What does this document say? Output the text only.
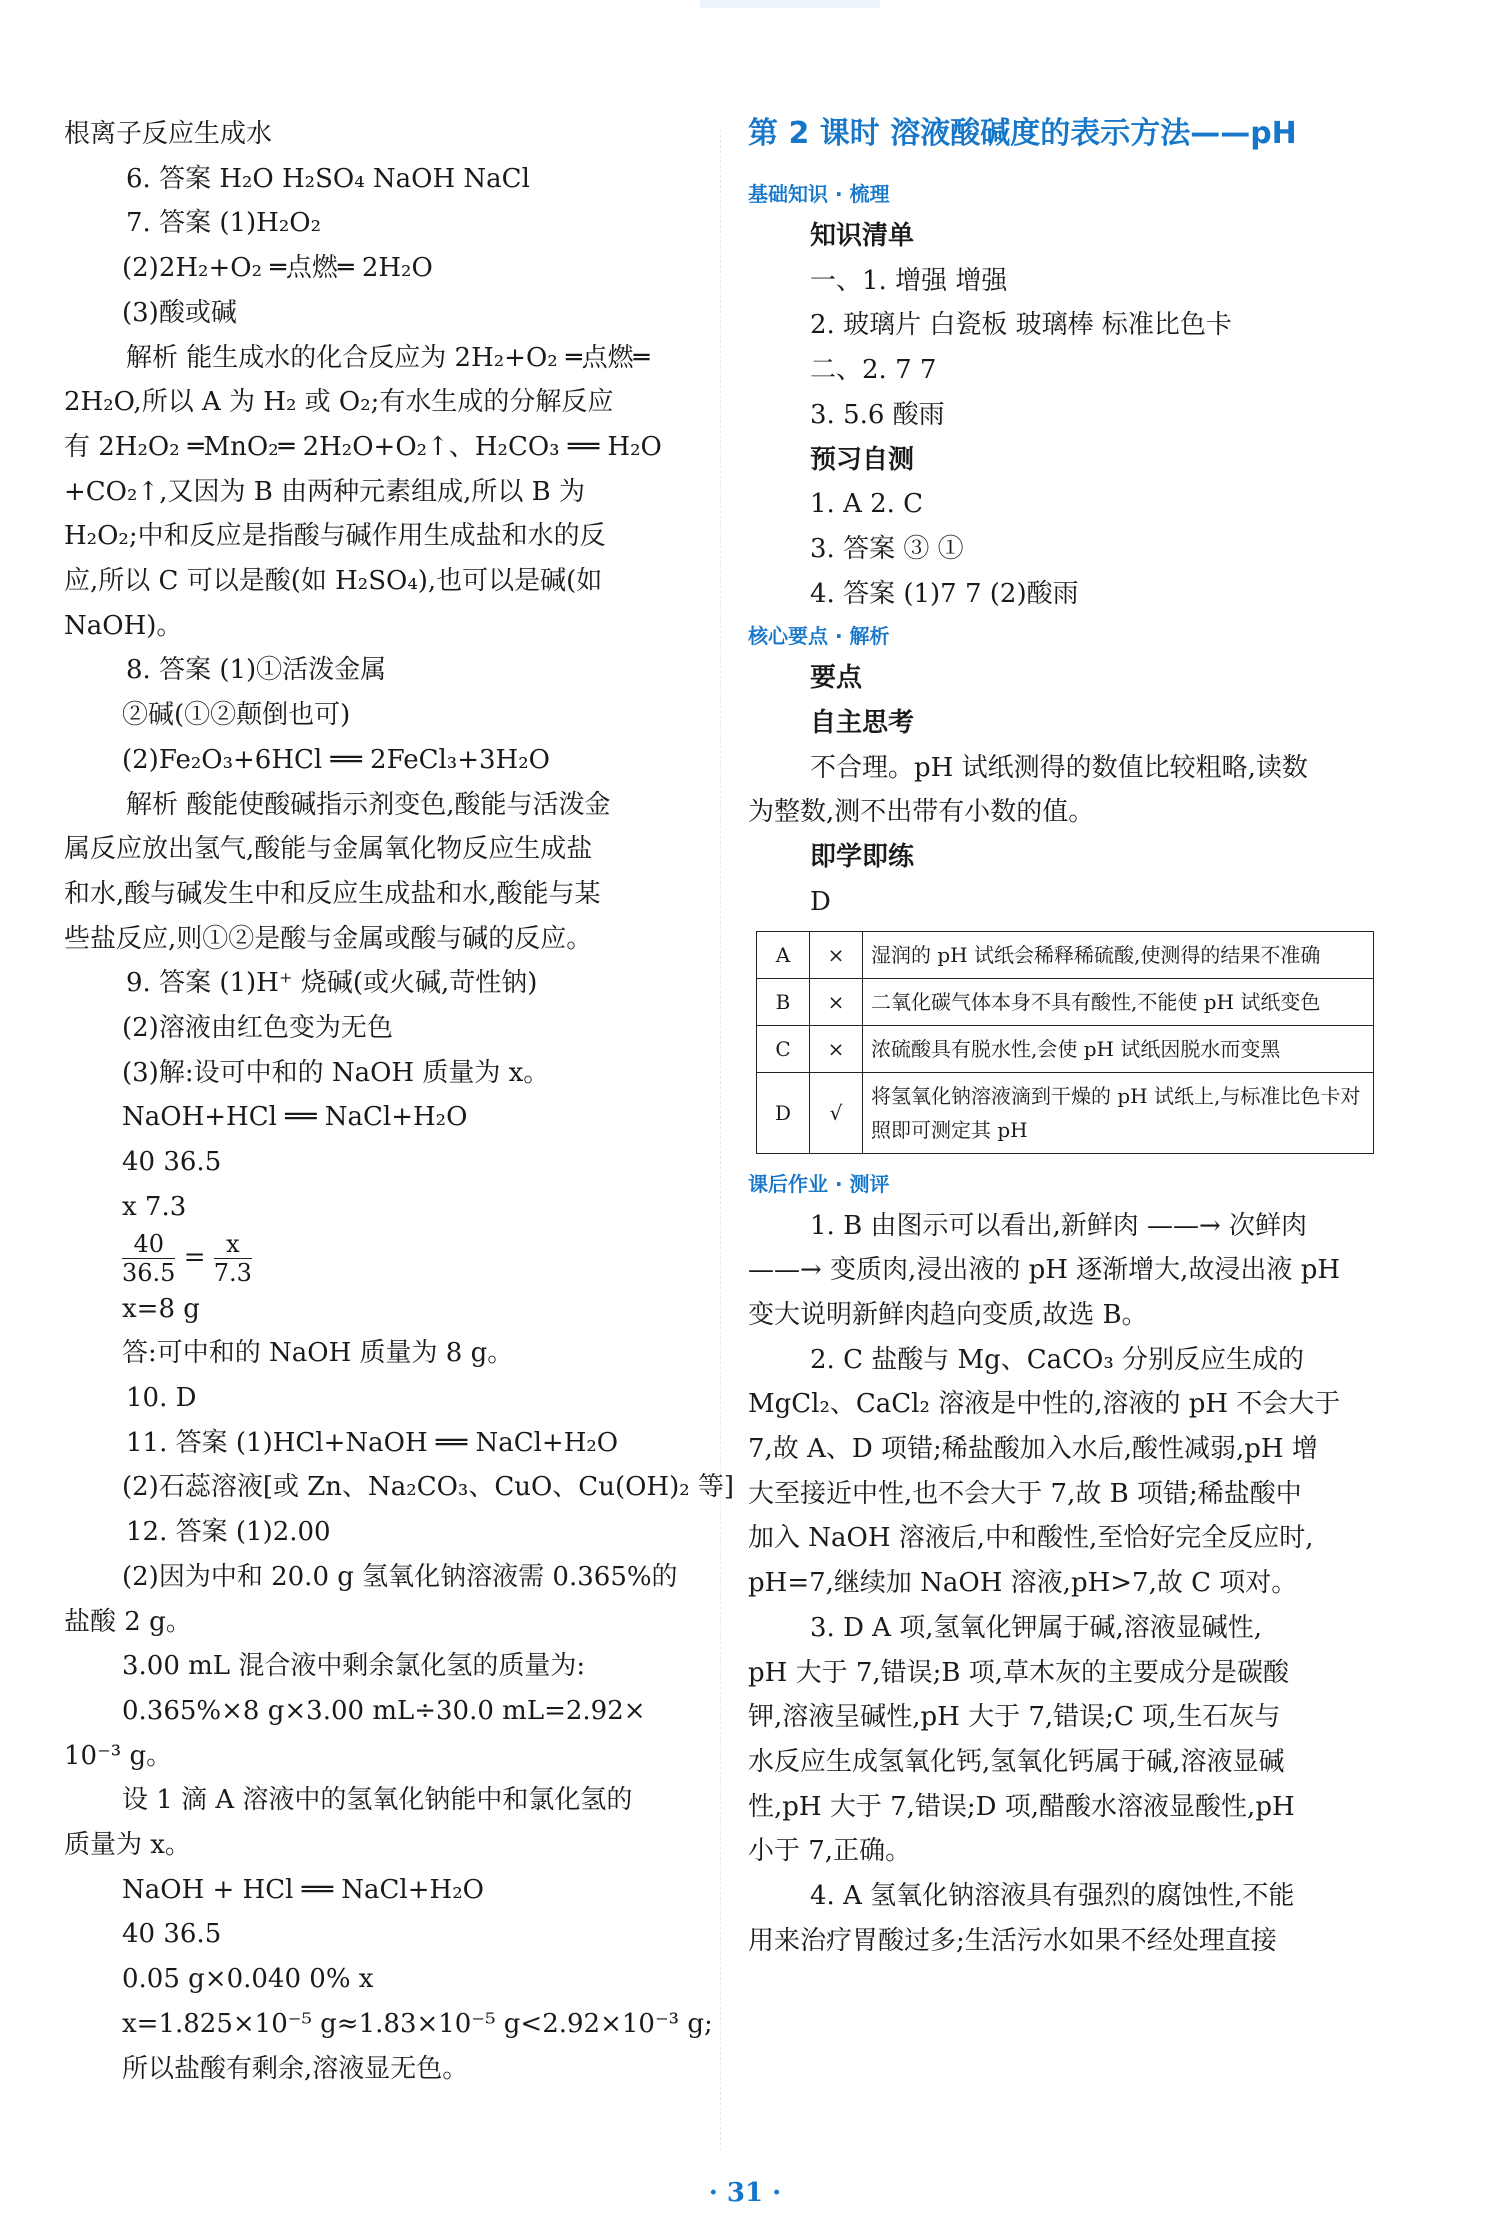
根离子反应生成水
6. 答案 H₂O H₂SO₄ NaOH NaCl
7. 答案 (1)H₂O₂
(2)2H₂+O₂ ═点燃═ 2H₂O
(3)酸或碱
解析 能生成水的化合反应为 2H₂+O₂ ═点燃═
2H₂O,所以 A 为 H₂ 或 O₂;有水生成的分解反应
有 2H₂O₂ ═MnO₂═ 2H₂O+O₂↑、H₂CO₃ ══ H₂O
+CO₂↑,又因为 B 由两种元素组成,所以 B 为
H₂O₂;中和反应是指酸与碱作用生成盐和水的反
应,所以 C 可以是酸(如 H₂SO₄),也可以是碱(如
NaOH)。
8. 答案 (1)①活泼金属
②碱(①②颠倒也可)
(2)Fe₂O₃+6HCl ══ 2FeCl₃+3H₂O
解析 酸能使酸碱指示剂变色,酸能与活泼金
属反应放出氢气,酸能与金属氧化物反应生成盐
和水,酸与碱发生中和反应生成盐和水,酸能与某
些盐反应,则①②是酸与金属或酸与碱的反应。
9. 答案 (1)H⁺ 烧碱(或火碱,苛性钠)
(2)溶液由红色变为无色
(3)解:设可中和的 NaOH 质量为 x。
NaOH+HCl ══ NaCl+H₂O
40 36.5
x 7.3
$\frac{40}{36.5} = \frac{x}{7.3}$
x=8 g
答:可中和的 NaOH 质量为 8 g。
10. D
11. 答案 (1)HCl+NaOH ══ NaCl+H₂O
(2)石蕊溶液[或 Zn、Na₂CO₃、CuO、Cu(OH)₂ 等]
12. 答案 (1)2.00
(2)因为中和 20.0 g 氢氧化钠溶液需 0.365%的
盐酸 2 g。
3.00 mL 混合液中剩余氯化氢的质量为:
0.365%×8 g×3.00 mL÷30.0 mL=2.92×
10⁻³ g。
设 1 滴 A 溶液中的氢氧化钠能中和氯化氢的
质量为 x。
NaOH + HCl ══ NaCl+H₂O
40 36.5
0.05 g×0.040 0% x
x=1.825×10⁻⁵ g≈1.83×10⁻⁵ g<2.92×10⁻³ g;
所以盐酸有剩余,溶液显无色。
第 2 课时 溶液酸碱度的表示方法——pH
基础知识 · 梳理
知识清单
一、1. 增强 增强
2. 玻璃片 白瓷板 玻璃棒 标准比色卡
二、2. 7 7
3. 5.6 酸雨
预习自测
1. A 2. C
3. 答案 ③ ①
4. 答案 (1)7 7 (2)酸雨
核心要点 · 解析
要点
自主思考
不合理。pH 试纸测得的数值比较粗略,读数
为整数,测不出带有小数的值。
即学即练
D
A	×	湿润的 pH 试纸会稀释稀硫酸,使测得的结果不准确
B	×	二氧化碳气体本身不具有酸性,不能使 pH 试纸变色
C	×	浓硫酸具有脱水性,会使 pH 试纸因脱水而变黑
D	√	将氢氧化钠溶液滴到干燥的 pH 试纸上,与标准比色卡对照即可测定其 pH
课后作业 · 测评
1. B 由图示可以看出,新鲜肉 ——→ 次鲜肉
——→ 变质肉,浸出液的 pH 逐渐增大,故浸出液 pH
变大说明新鲜肉趋向变质,故选 B。
2. C 盐酸与 Mg、CaCO₃ 分别反应生成的
MgCl₂、CaCl₂ 溶液是中性的,溶液的 pH 不会大于
7,故 A、D 项错;稀盐酸加入水后,酸性减弱,pH 增
大至接近中性,也不会大于 7,故 B 项错;稀盐酸中
加入 NaOH 溶液后,中和酸性,至恰好完全反应时,
pH=7,继续加 NaOH 溶液,pH>7,故 C 项对。
3. D A 项,氢氧化钾属于碱,溶液显碱性,
pH 大于 7,错误;B 项,草木灰的主要成分是碳酸
钾,溶液呈碱性,pH 大于 7,错误;C 项,生石灰与
水反应生成氢氧化钙,氢氧化钙属于碱,溶液显碱
性,pH 大于 7,错误;D 项,醋酸水溶液显酸性,pH
小于 7,正确。
4. A 氢氧化钠溶液具有强烈的腐蚀性,不能
用来治疗胃酸过多;生活污水如果不经处理直接
· 31 ·
